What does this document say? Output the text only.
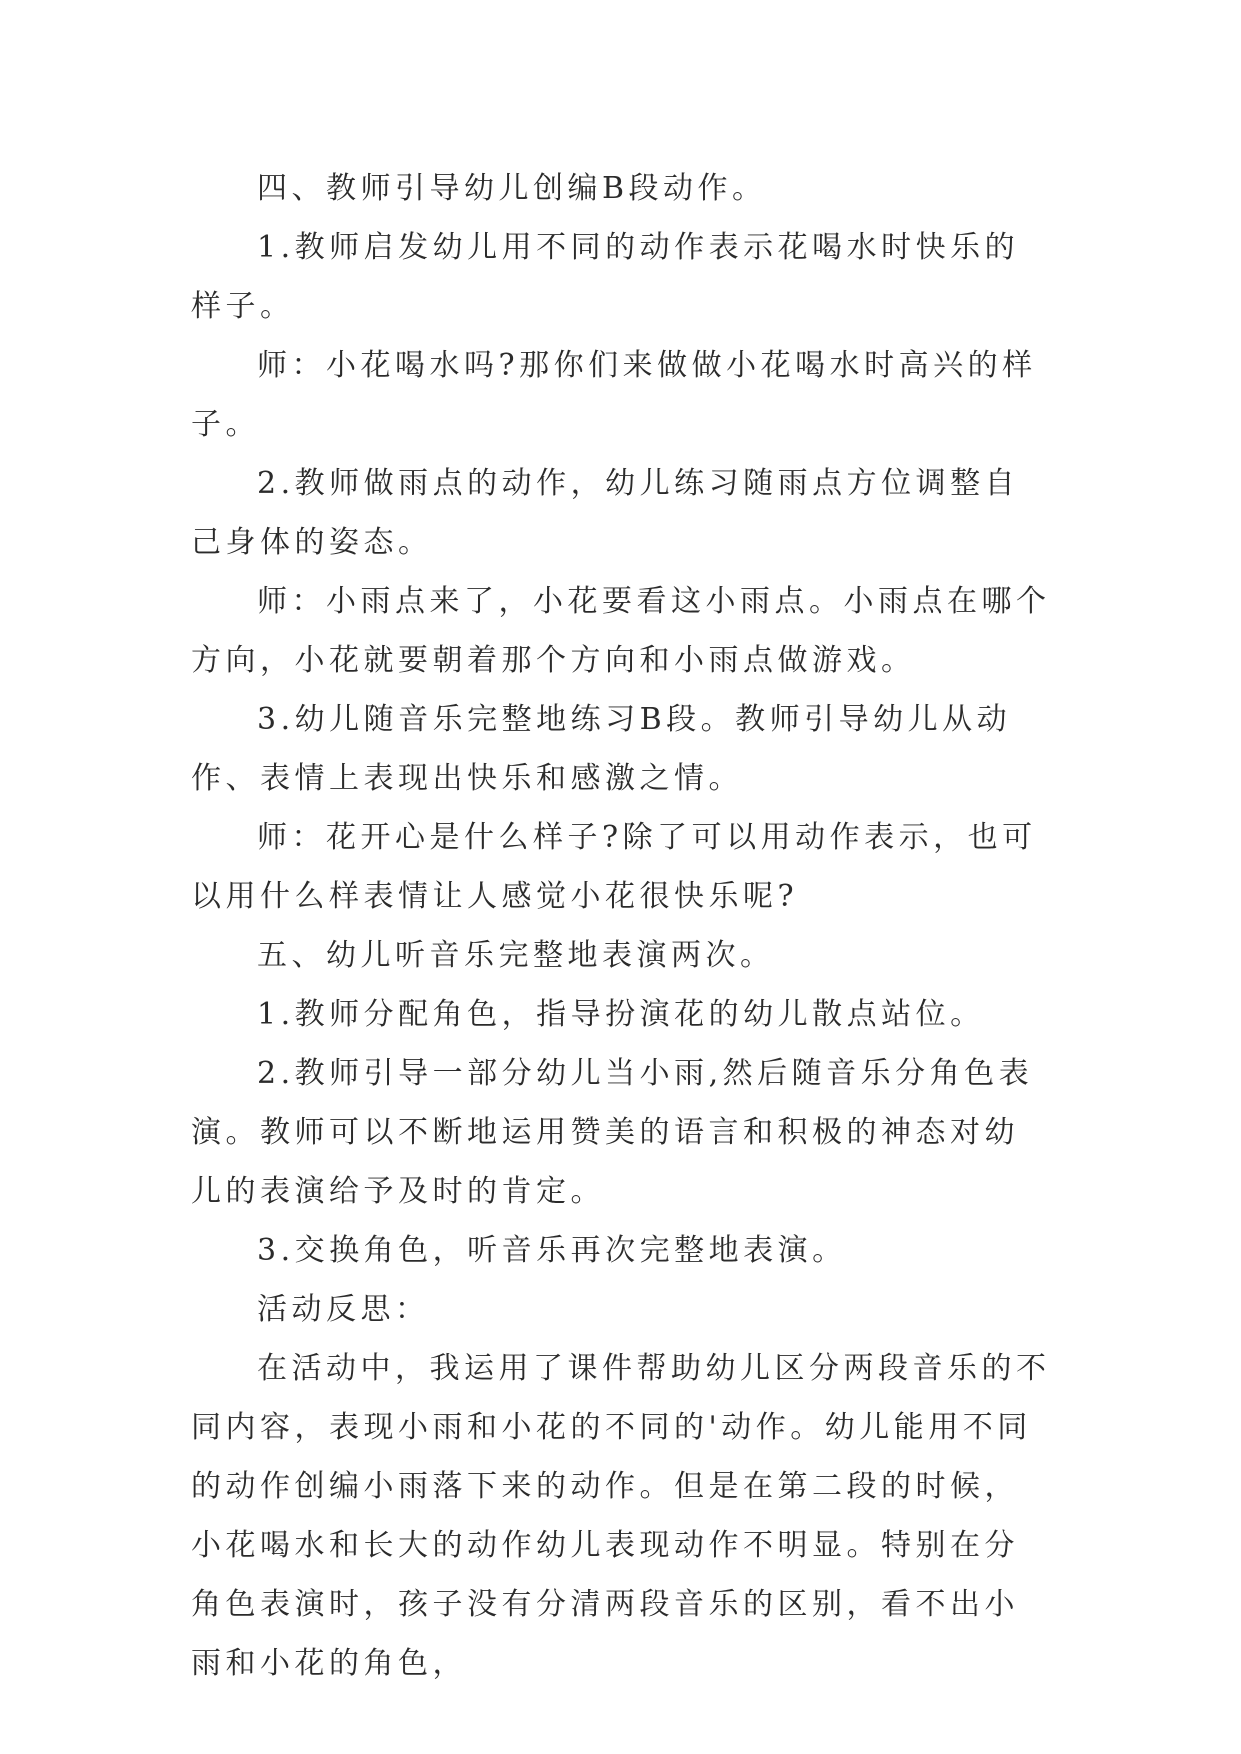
四、教师引导幼儿创编B段动作。

1.教师启发幼儿用不同的动作表示花喝水时快乐的样子。

师：小花喝水吗?那你们来做做小花喝水时高兴的样子。

2.教师做雨点的动作，幼儿练习随雨点方位调整自己身体的姿态。

师：小雨点来了，小花要看这小雨点。小雨点在哪个方向，小花就要朝着那个方向和小雨点做游戏。

3.幼儿随音乐完整地练习B段。教师引导幼儿从动作、表情上表现出快乐和感激之情。

师：花开心是什么样子?除了可以用动作表示，也可以用什么样表情让人感觉小花很快乐呢?

五、幼儿听音乐完整地表演两次。

1.教师分配角色，指导扮演花的幼儿散点站位。

2.教师引导一部分幼儿当小雨,然后随音乐分角色表演。教师可以不断地运用赞美的语言和积极的神态对幼儿的表演给予及时的肯定。

3.交换角色，听音乐再次完整地表演。

活动反思：

在活动中，我运用了课件帮助幼儿区分两段音乐的不同内容，表现小雨和小花的不同的'动作。幼儿能用不同的动作创编小雨落下来的动作。但是在第二段的时候，小花喝水和长大的动作幼儿表现动作不明显。特别在分角色表演时，孩子没有分清两段音乐的区别，看不出小雨和小花的角色，
